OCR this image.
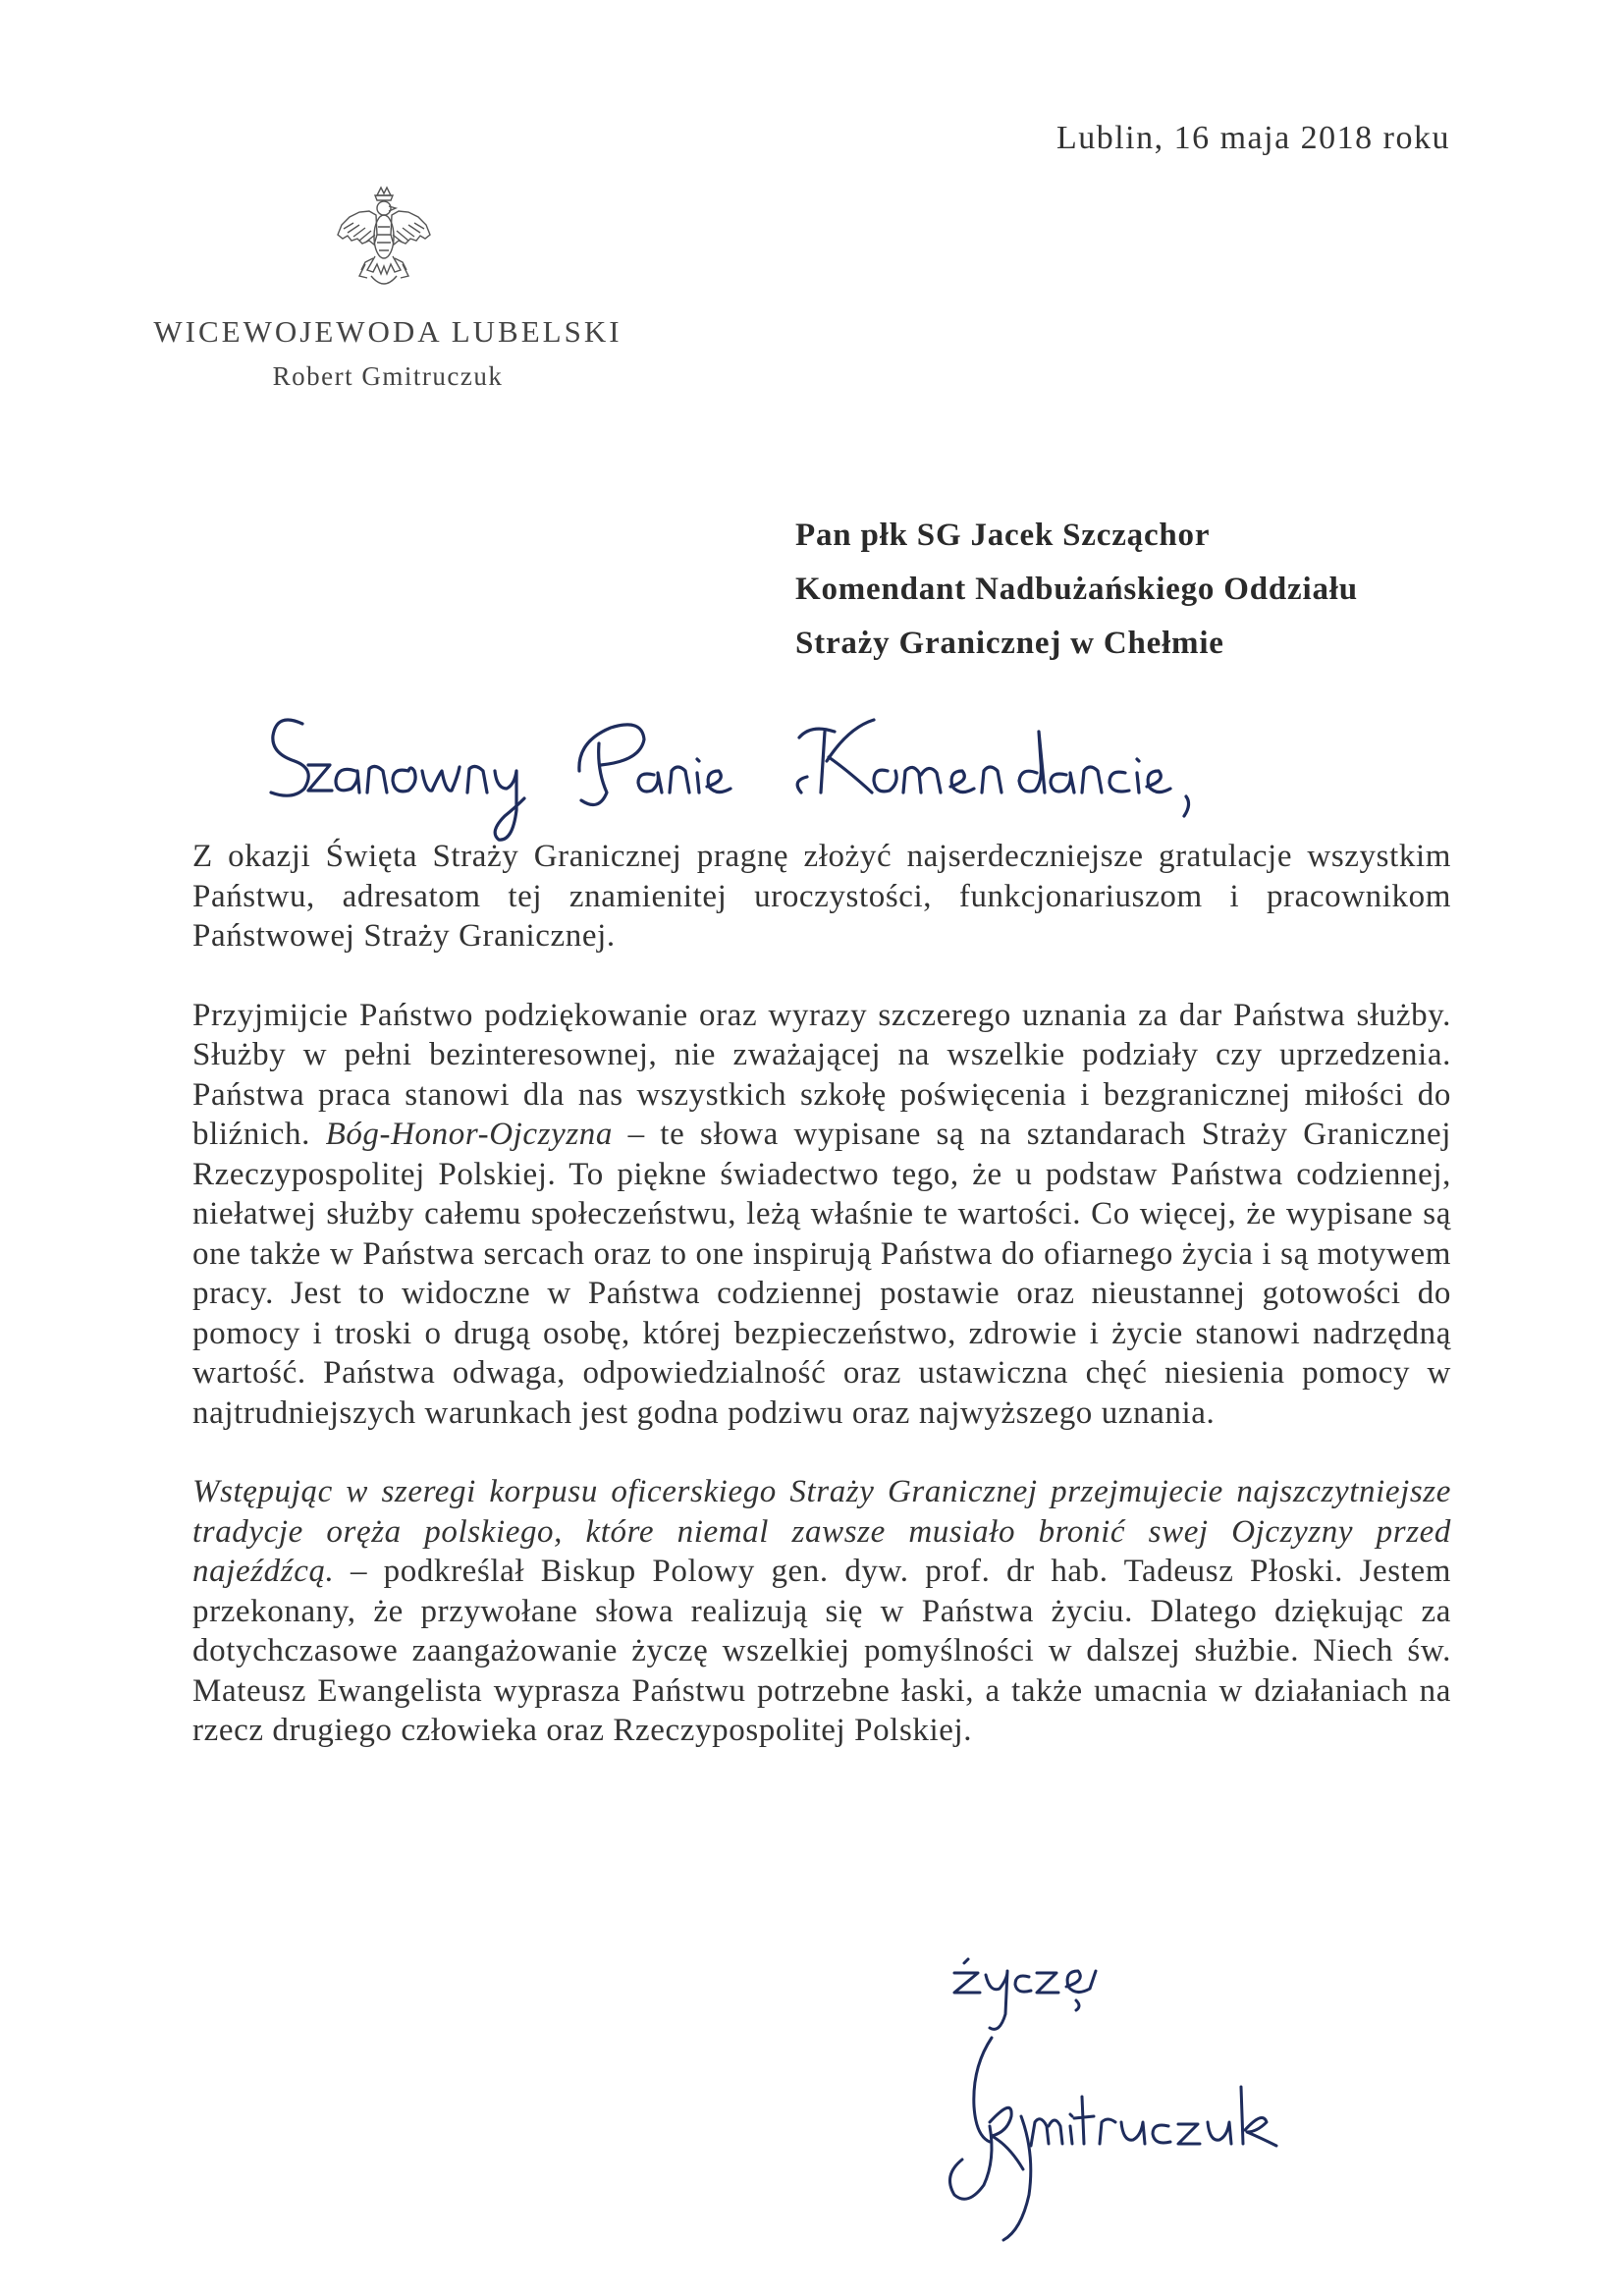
Lublin, 16 maja 2018 roku
WICEWOJEWODA LUBELSKI
Robert Gmitruczuk
Pan płk SG Jacek Szcząchor
Komendant Nadbużańskiego Oddziału
Straży Granicznej w Chełmie

Z okazji Święta Straży Granicznej pragnę złożyć najserdeczniejsze gratulacje wszystkim Państwu, adresatom tej znamienitej uroczystości, funkcjonariuszom i pracownikom Państwowej Straży Granicznej.

Przyjmijcie Państwo podziękowanie oraz wyrazy szczerego uznania za dar Państwa służby. Służby w pełni bezinteresownej, nie zważającej na wszelkie podziały czy uprzedzenia. Państwa praca stanowi dla nas wszystkich szkołę poświęcenia i bezgranicznej miłości do bliźnich. Bóg-Honor-Ojczyzna – te słowa wypisane są na sztandarach Straży Granicznej Rzeczypospolitej Polskiej. To piękne świadectwo tego, że u podstaw Państwa codziennej, niełatwej służby całemu społeczeństwu, leżą właśnie te wartości. Co więcej, że wypisane są one także w Państwa sercach oraz to one inspirują Państwa do ofiarnego życia i są motywem pracy. Jest to widoczne w Państwa codziennej postawie oraz nieustannej gotowości do pomocy i troski o drugą osobę, której bezpieczeństwo, zdrowie i życie stanowi nadrzędną wartość. Państwa odwaga, odpowiedzialność oraz ustawiczna chęć niesienia pomocy w najtrudniejszych warunkach jest godna podziwu oraz najwyższego uznania.

Wstępując w szeregi korpusu oficerskiego Straży Granicznej przejmujecie najszczytniejsze tradycje oręża polskiego, które niemal zawsze musiało bronić swej Ojczyzny przed najeźdźcą. – podkreślał Biskup Polowy gen. dyw. prof. dr hab. Tadeusz Płoski. Jestem przekonany, że przywołane słowa realizują się w Państwa życiu. Dlatego dziękując za dotychczasowe zaangażowanie życzę wszelkiej pomyślności w dalszej służbie. Niech św. Mateusz Ewangelista wyprasza Państwu potrzebne łaski, a także umacnia w działaniach na rzecz drugiego człowieka oraz Rzeczypospolitej Polskiej.
